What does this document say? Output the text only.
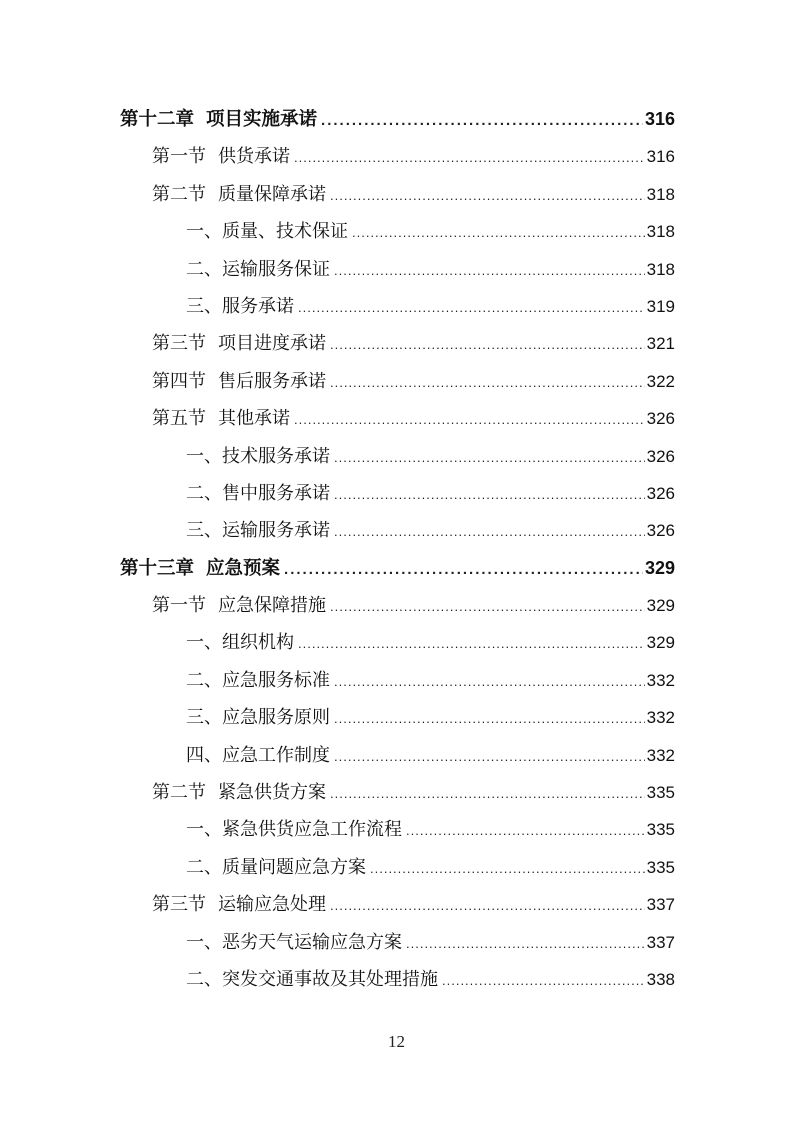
第十二章 项目实施承诺 .....	316
第一节 供货承诺 .....	316
第二节 质量保障承诺 .....	318
一、 质量、技术保证 .....	318
二、 运输服务保证 .....	318
三、 服务承诺 .....	319
第三节 项目进度承诺 .....	321
第四节 售后服务承诺 .....	322
第五节 其他承诺 .....	326
一、 技术服务承诺 .....	326
二、 售中服务承诺 .....	326
三、 运输服务承诺 .....	326
第十三章 应急预案 .....	329
第一节 应急保障措施 .....	329
一、 组织机构 .....	329
二、 应急服务标准 .....	332
三、 应急服务原则 .....	332
四、 应急工作制度 .....	332
第二节 紧急供货方案 .....	335
一、 紧急供货应急工作流程 .....	335
二、 质量问题应急方案 .....	335
第三节 运输应急处理 .....	337
一、 恶劣天气运输应急方案 .....	337
二、 突发交通事故及其处理措施 .....	338
12
